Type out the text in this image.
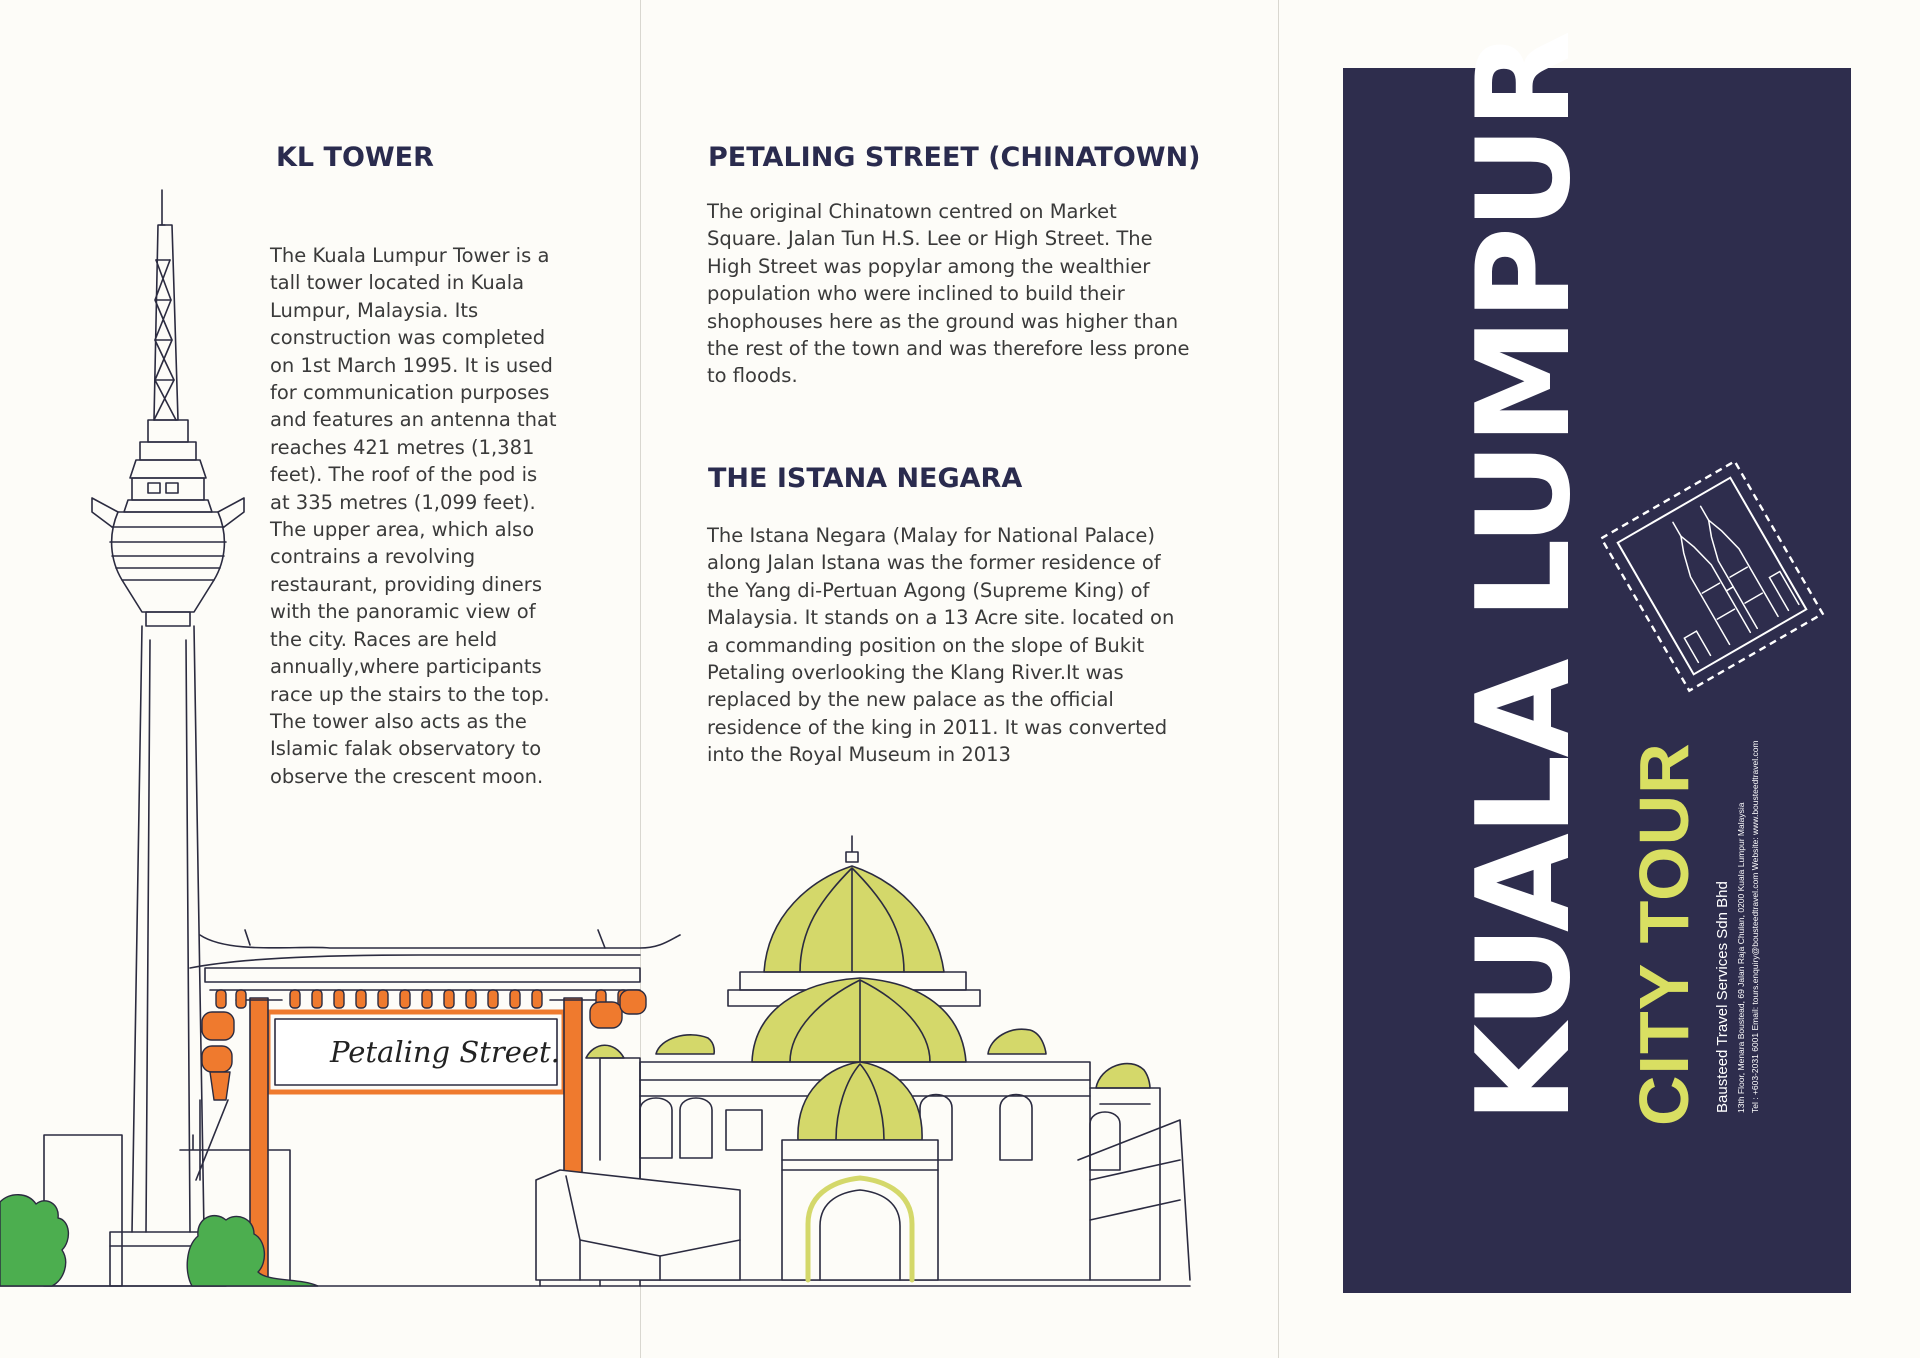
KL TOWER

The Kuala Lumpur Tower is a
tall tower located in Kuala
Lumpur, Malaysia. Its
construction was completed
on 1st March 1995. It is used
for communication purposes
and features an antenna that
reaches 421 metres (1,381
feet). The roof of the pod is
at 335 metres (1,099 feet).
The upper area, which also
contrains a revolving
restaurant, providing diners
with the panoramic view of
the city. Races are held
annually,where participants
race up the stairs to the top.
The tower also acts as the
Islamic falak observatory to
observe the crescent moon.

PETALING STREET (CHINATOWN)

The original Chinatown centred on Market
Square. Jalan Tun H.S. Lee or High Street. The
High Street was popylar among the wealthier
population who were inclined to build their
shophouses here as the ground was higher than
the rest of the town and was therefore less prone
to floods.

THE ISTANA NEGARA

The Istana Negara (Malay for National Palace)
along Jalan Istana was the former residence of
the Yang di-Pertuan Agong (Supreme King) of
Malaysia. It stands on a 13 Acre site. located on
a commanding position on the slope of Bukit
Petaling overlooking the Klang River.It was
replaced by the new palace as the official
residence of the king in 2011. It was converted
into the Royal Museum in 2013

Petaling Street.	KUALA LUMPUR CITY TOUR Bausteed Travel Services Sdn Bhd 13th Floor, Menara Boustead, 69 Jalan Raja Chulan, 0200 Kuala Lumpur Malaysia Tel : +603-2031 6001 Email: tours.enquiry@bousteedtravel.com Website: www.bousteedtravel.com
